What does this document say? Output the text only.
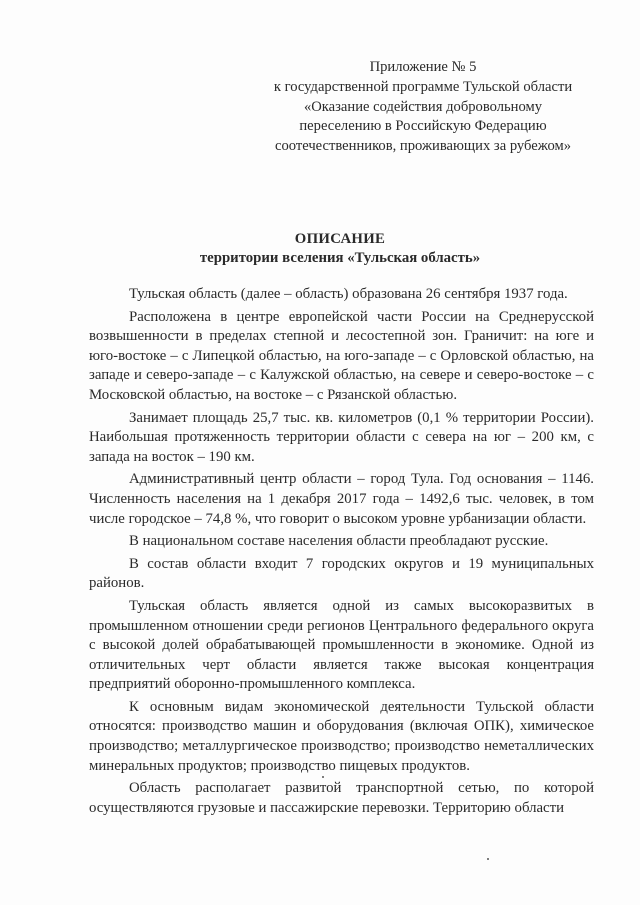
Приложение № 5
к государственной программе Тульской области
«Оказание содействия добровольному
переселению в Российскую Федерацию
соотечественников, проживающих за рубежом»
ОПИСАНИЕ
территории вселения «Тульская область»

Тульская область (далее – область) образована 26 сентября 1937 года.

Расположена в центре европейской части России на Среднерусской возвышенности в пределах степной и лесостепной зон. Граничит: на юге и юго-востоке – с Липецкой областью, на юго-западе – с Орловской областью, на западе и северо-западе – с Калужской областью, на севере и северо-востоке – с Московской областью, на востоке – с Рязанской областью.

Занимает площадь 25,7 тыс. кв. километров (0,1 % территории России). Наибольшая протяженность территории области с севера на юг – 200 км, с запада на восток – 190 км.

Административный центр области – город Тула. Год основания – 1146. Численность населения на 1 декабря 2017 года – 1492,6 тыс. человек, в том числе городское – 74,8 %, что говорит о высоком уровне урбанизации области.

В национальном составе населения области преобладают русские.

В состав области входит 7 городских округов и 19 муниципальных районов.

Тульская область является одной из самых высокоразвитых в промышленном отношении среди регионов Центрального федерального округа с высокой долей обрабатывающей промышленности в экономике. Одной из отличительных черт области является также высокая концентрация предприятий оборонно-промышленного комплекса.

К основным видам экономической деятельности Тульской области относятся: производство машин и оборудования (включая ОПК), химическое производство; металлургическое производство; производство неметаллических минеральных продуктов; производство пищевых продуктов.

Область располагает развитой транспортной сетью, по которой осуществляются грузовые и пассажирские перевозки. Территорию области
